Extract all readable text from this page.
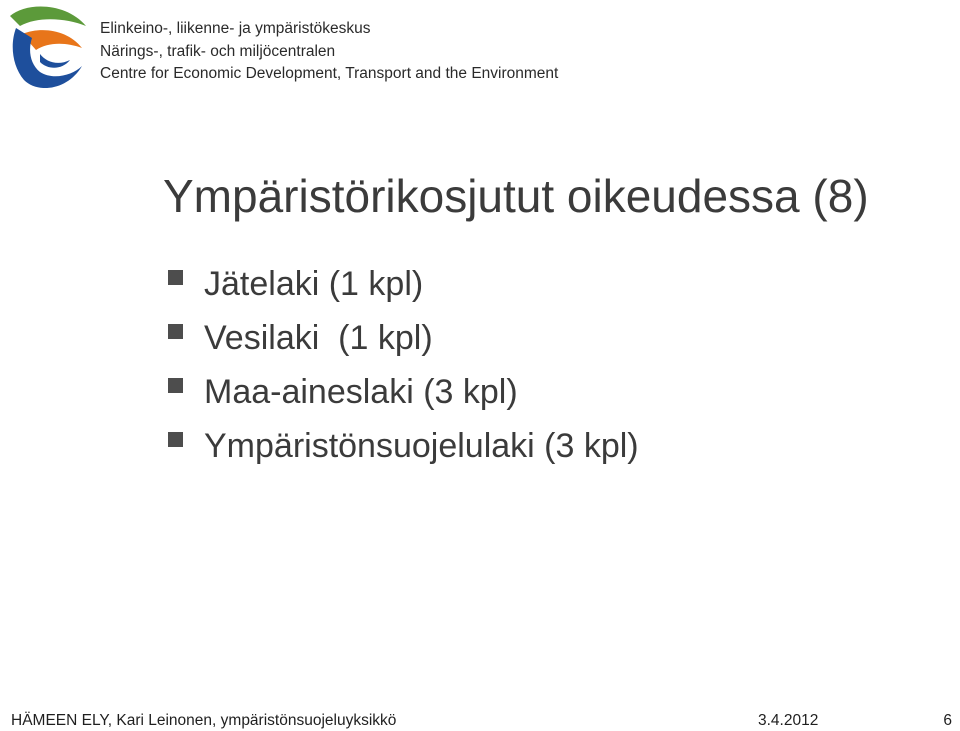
Elinkeino-, liikenne- ja ympäristökeskus
Närings-, trafik- och miljöcentralen
Centre for Economic Development, Transport and the Environment
Ympäristörikosjutut oikeudessa (8)
Jätelaki (1 kpl)
Vesilaki  (1 kpl)
Maa-aineslaki (3 kpl)
Ympäristönsuojelulaki (3 kpl)
HÄMEEN ELY, Kari Leinonen, ympäristönsuojeluyksikkö	3.4.2012	6
